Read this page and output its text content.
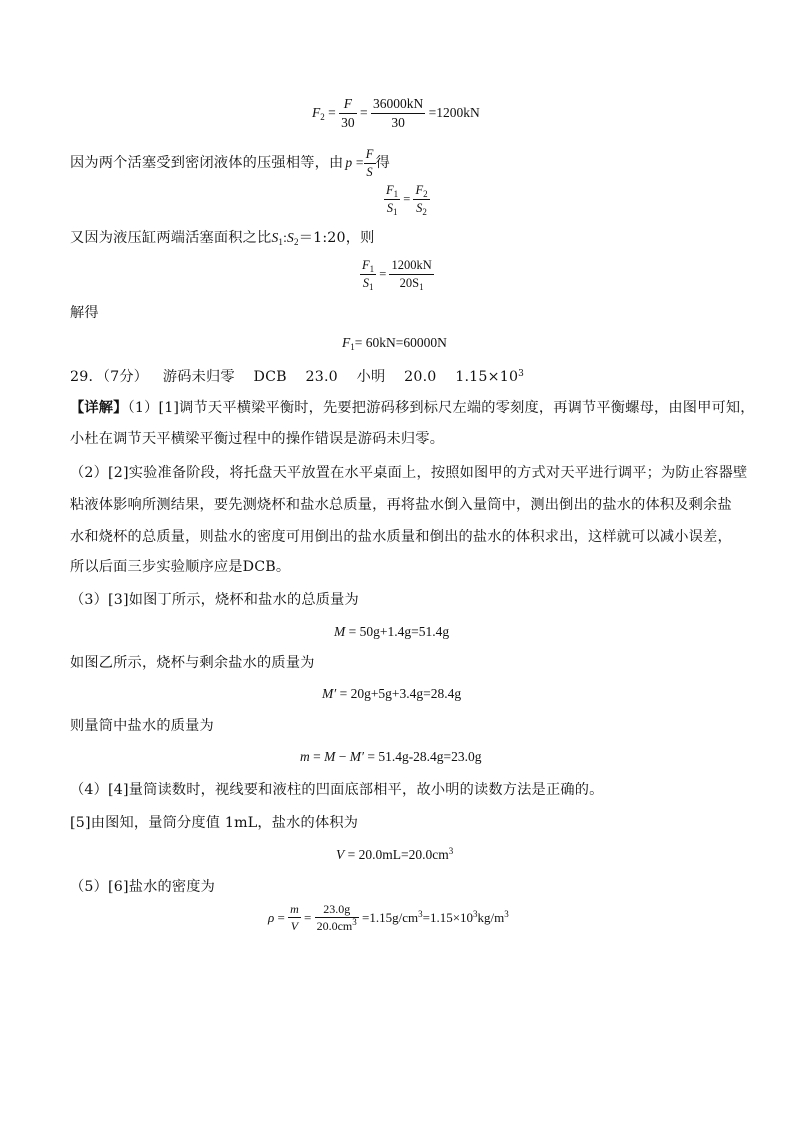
$F_2 = \frac{F}{30} = \frac{36000kN}{30} =1200kN$
因为两个活塞受到密闭液体的压强相等，由 $p = \frac{F}{S}$ 得
$\frac{F_1}{S_1} = \frac{F_2}{S_2}$
又因为液压缸两端活塞面积之比$S_1:S_2=1:20$，则
$\frac{F_1}{S_1} = \frac{1200kN}{20S_1}$
解得
$F_1= 60kN=60000N$
29．（7分） 游码未归零 DCB 23.0 小明 20.0 $1.15\times 10^3$
【详解】（1）[1]调节天平横梁平衡时，先要把游码移到标尺左端的零刻度，再调节平衡螺母，由图甲可知，
小杜在调节天平横梁平衡过程中的操作错误是游码未归零。
（2）[2]实验准备阶段，将托盘天平放置在水平桌面上，按照如图甲的方式对天平进行调平；为防止容器壁
粘液体影响所测结果，要先测烧杯和盐水总质量，再将盐水倒入量筒中，测出倒出的盐水的体积及剩余盐
水和烧杯的总质量，则盐水的密度可用倒出的盐水质量和倒出的盐水的体积求出，这样就可以减小误差，
所以后面三步实验顺序应是DCB。
（3）[3]如图丁所示，烧杯和盐水的总质量为
M = 50g+1.4g=51.4g
如图乙所示，烧杯与剩余盐水的质量为
M′ = 20g+5g+3.4g=28.4g
则量筒中盐水的质量为
m = M − M′ = 51.4g-28.4g=23.0g
（4）[4]量筒读数时，视线要和液柱的凹面底部相平，故小明的读数方法是正确的。
[5]由图知，量筒分度值 1mL，盐水的体积为
$V = 20.0mL=20.0cm^3$
（5）[6]盐水的密度为
$\rho = \frac{m}{V} = \frac{23.0g}{20.0cm^3} =1.15g/cm^3=1.15\times 10^3kg/m^3$
